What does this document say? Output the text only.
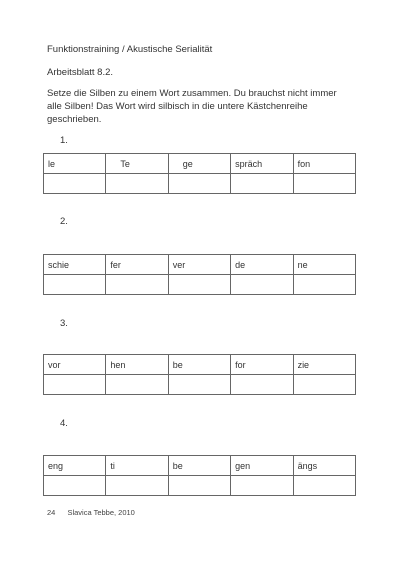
Funktionstraining / Akustische Serialität
Arbeitsblatt 8.2.
Setze die Silben zu einem Wort zusammen. Du brauchst nicht immer alle Silben! Das Wort wird silbisch in die untere Kästchenreihe geschrieben.
1.
le	Te	ge	spräch	fon

2.
schie	fer	ver	de	ne

3.
vor	hen	be	for	zie

4.
eng	ti	be	gen	ängs

24 Slavica Tebbe, 2010
